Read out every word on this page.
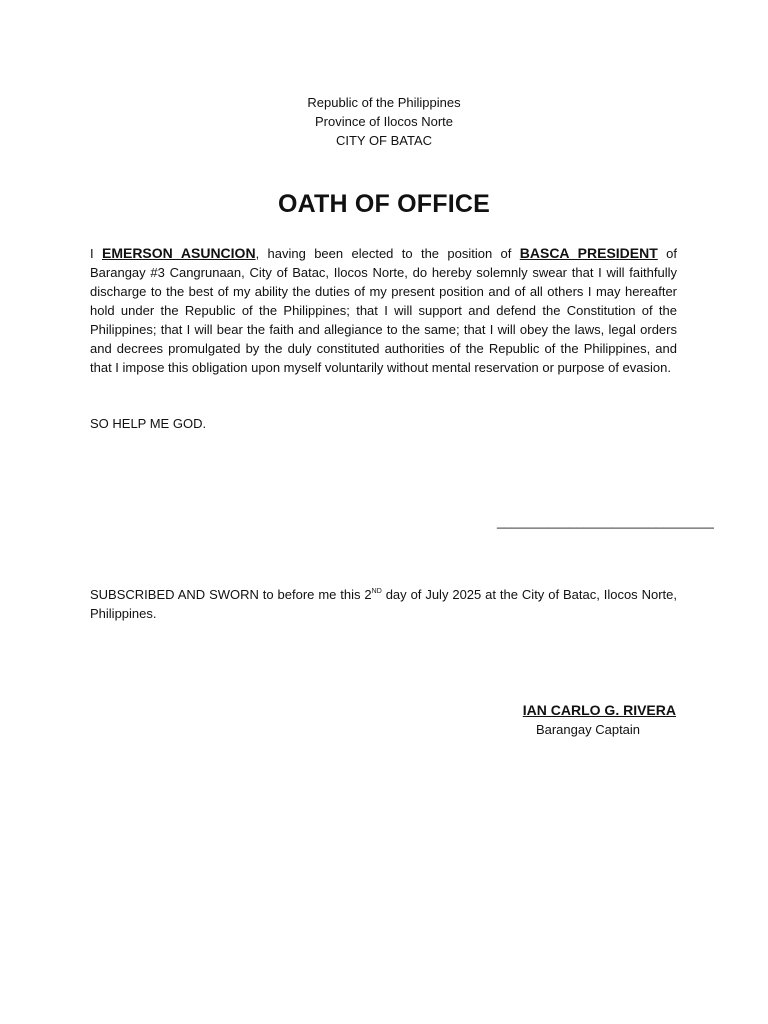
Republic of the Philippines
Province of Ilocos Norte
CITY OF BATAC
OATH OF OFFICE

I EMERSON ASUNCION, having been elected to the position of BASCA PRESIDENT of Barangay #3 Cangrunaan, City of Batac, Ilocos Norte, do hereby solemnly swear that I will faithfully discharge to the best of my ability the duties of my present position and of all others I may hereafter hold under the Republic of the Philippines; that I will support and defend the Constitution of the Philippines; that I will bear the faith and allegiance to the same; that I will obey the laws, legal orders and decrees promulgated by the duly constituted authorities of the Republic of the Philippines, and that I impose this obligation upon myself voluntarily without mental reservation or purpose of evasion.

SO HELP ME GOD.

______________________________

SUBSCRIBED AND SWORN to before me this 2ND day of July 2025 at the City of Batac, Ilocos Norte, Philippines.

IAN CARLO G. RIVERA
Barangay Captain
